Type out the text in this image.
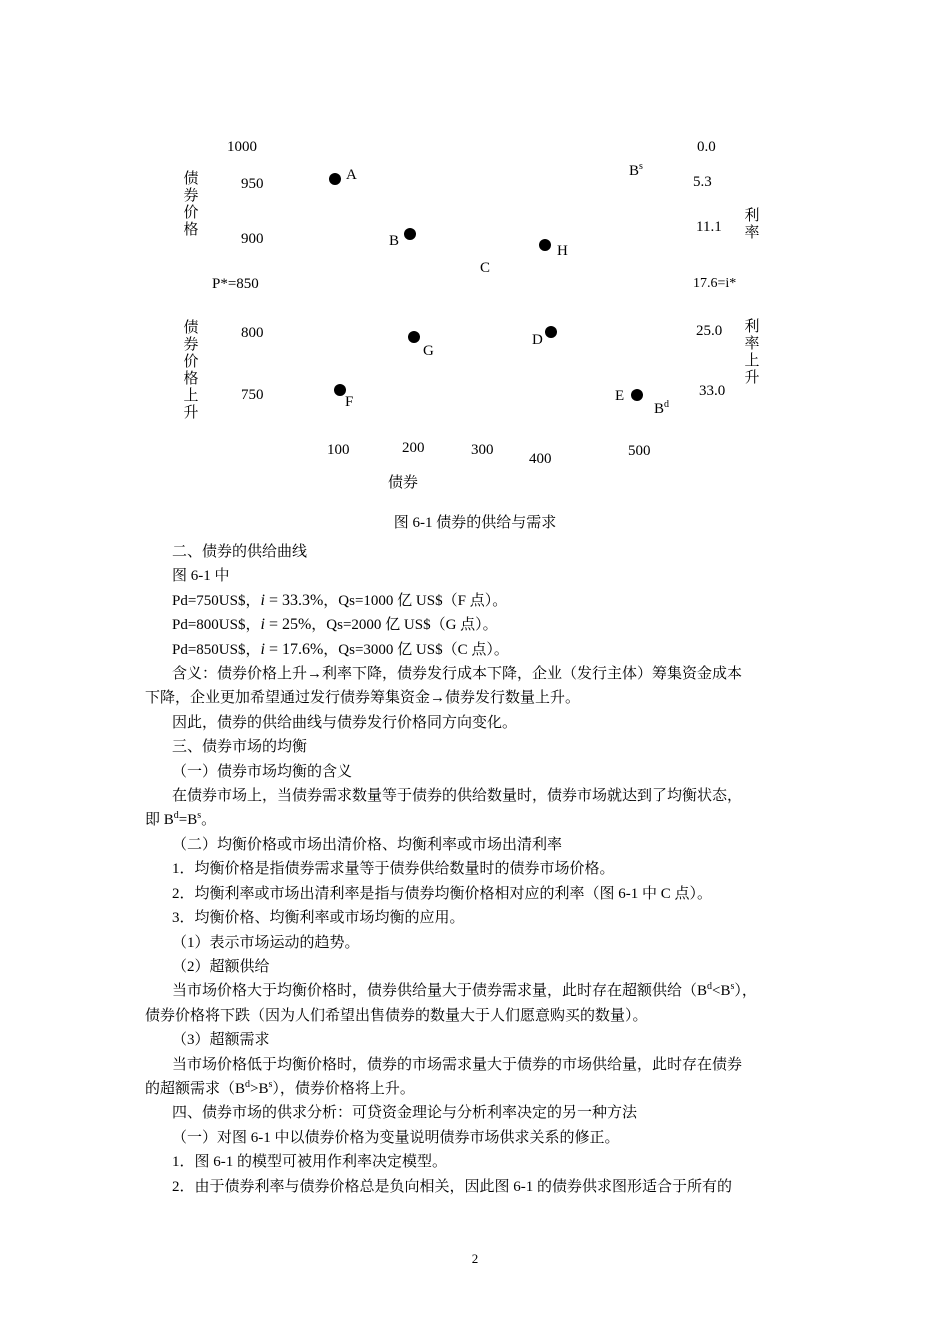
1000
950
900
P*=850
800
750
债券价格
债券价格上升
0.0
5.3
11.1
17.6=i*
25.0
33.0
利率
利率上升
100	200	300
400	500
债券
A
B
C
H
G
D
F	E
$B^s$
$B^d$
图 6-1 债券的供给与需求

二、债券的供给曲线

图 6-1 中

Pd=750US$，i = 33.3%，Qs=1000 亿 US$（F 点）。

Pd=800US$，i = 25%，Qs=2000 亿 US$（G 点）。

Pd=850US$，i = 17.6%，Qs=3000 亿 US$（C 点）。

含义：债券价格上升→利率下降，债券发行成本下降，企业（发行主体）筹集资金成本

下降，企业更加希望通过发行债券筹集资金→债券发行数量上升。

因此，债券的供给曲线与债券发行价格同方向变化。

三、债券市场的均衡

（一）债券市场均衡的含义

在债券市场上，当债券需求数量等于债券的供给数量时，债券市场就达到了均衡状态，

即 $B^d=B^s$。

（二）均衡价格或市场出清价格、均衡利率或市场出清利率

1．均衡价格是指债券需求量等于债券供给数量时的债券市场价格。

2．均衡利率或市场出清利率是指与债券均衡价格相对应的利率（图 6-1 中 C 点）。

3．均衡价格、均衡利率或市场均衡的应用。

（1）表示市场运动的趋势。

（2）超额供给

当市场价格大于均衡价格时，债券供给量大于债券需求量，此时存在超额供给$(B^d<B^s)$，

债券价格将下跌（因为人们希望出售债券的数量大于人们愿意购买的数量）。

（3）超额需求

当市场价格低于均衡价格时，债券的市场需求量大于债券的市场供给量，此时存在债券

的超额需求$(B^d>B^s)$，债券价格将上升。

四、债券市场的供求分析：可贷资金理论与分析利率决定的另一种方法

（一）对图 6-1 中以债券价格为变量说明债券市场供求关系的修正。

1．图 6-1 的模型可被用作利率决定模型。

2．由于债券利率与债券价格总是负向相关，因此图 6-1 的债券供求图形适合于所有的

2
